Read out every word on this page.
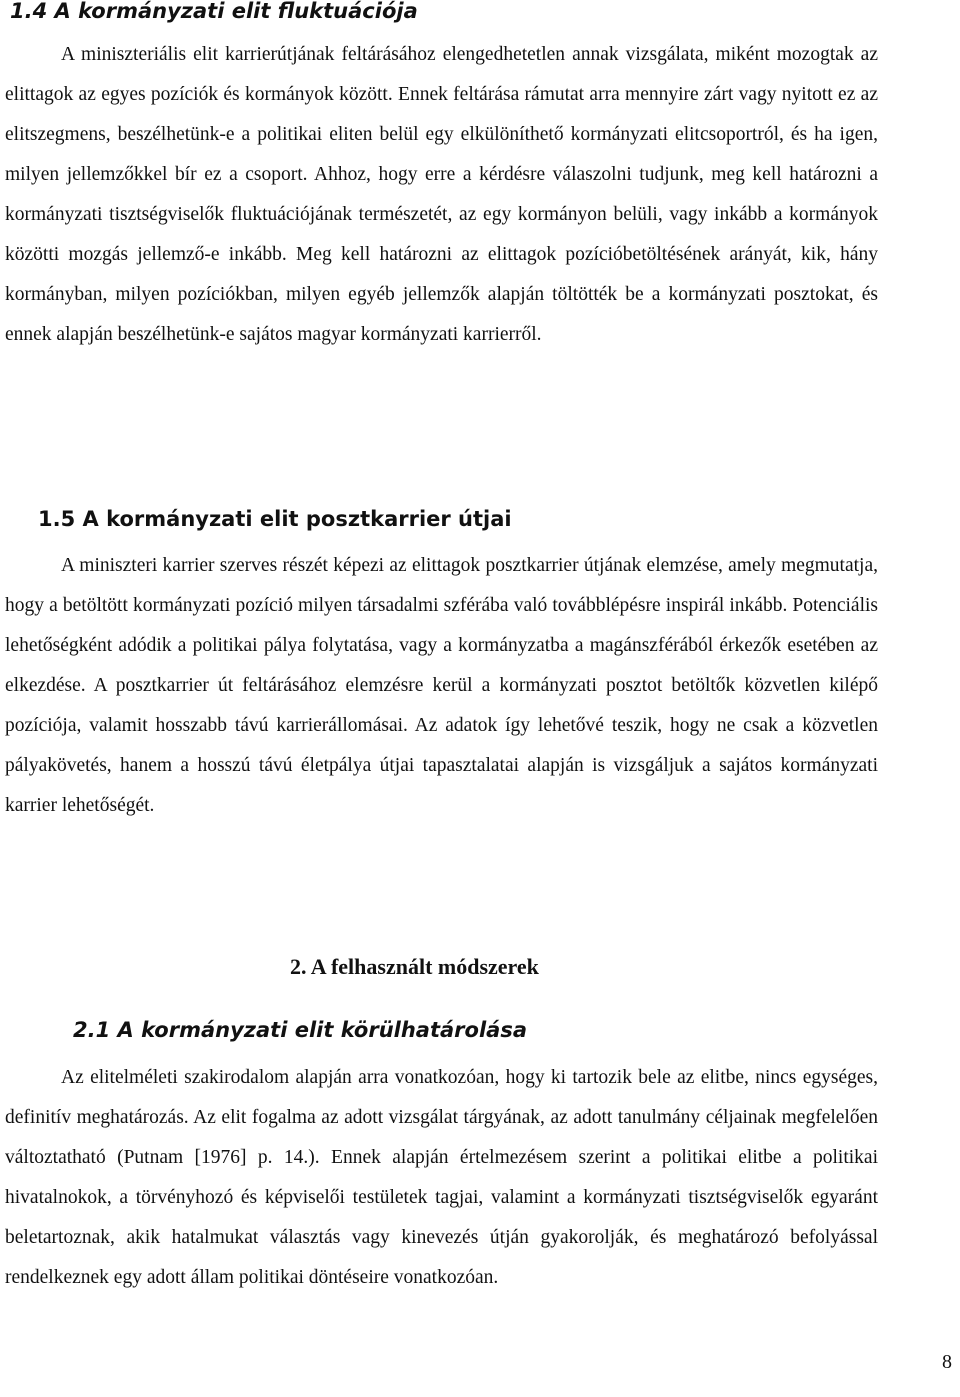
1.4 A kormányzati elit fluktuációja

A miniszteriális elit karrierútjának feltárásához elengedhetetlen annak vizsgálata, miként mozogtak az elittagok az egyes pozíciók és kormányok között. Ennek feltárása rámutat arra mennyire zárt vagy nyitott ez az elitszegmens, beszélhetünk-e a politikai eliten belül egy elkülöníthető kormányzati elitcsoportról, és ha igen, milyen jellemzőkkel bír ez a csoport. Ahhoz, hogy erre a kérdésre válaszolni tudjunk, meg kell határozni a kormányzati tisztségviselők fluktuációjának természetét, az egy kormányon belüli, vagy inkább a kormányok közötti mozgás jellemző-e inkább. Meg kell határozni az elittagok pozícióbetöltésének arányát, kik, hány kormányban, milyen pozíciókban, milyen egyéb jellemzők alapján töltötték be a kormányzati posztokat, és ennek alapján beszélhetünk-e sajátos magyar kormányzati karrierről.

1.5 A kormányzati elit posztkarrier útjai

A miniszteri karrier szerves részét képezi az elittagok posztkarrier útjának elemzése, amely megmutatja, hogy a betöltött kormányzati pozíció milyen társadalmi szférába való továbblépésre inspirál inkább. Potenciális lehetőségként adódik a politikai pálya folytatása, vagy a kormányzatba a magánszférából érkezők esetében az elkezdése. A posztkarrier út feltárásához elemzésre kerül a kormányzati posztot betöltők közvetlen kilépő pozíciója, valamit hosszabb távú karrierállomásai. Az adatok így lehetővé teszik, hogy ne csak a közvetlen pályakövetés, hanem a hosszú távú életpálya útjai tapasztalatai alapján is vizsgáljuk a sajátos kormányzati karrier lehetőségét.

2. A felhasznált módszerek
2.1 A kormányzati elit körülhatárolása

Az elitelméleti szakirodalom alapján arra vonatkozóan, hogy ki tartozik bele az elitbe, nincs egységes, definitív meghatározás. Az elit fogalma az adott vizsgálat tárgyának, az adott tanulmány céljainak megfelelően változtatható (Putnam [1976] p. 14.). Ennek alapján értelmezésem szerint a politikai elitbe a politikai hivatalnokok, a törvényhozó és képviselői testületek tagjai, valamint a kormányzati tisztségviselők egyaránt beletartoznak, akik hatalmukat választás vagy kinevezés útján gyakorolják, és meghatározó befolyással rendelkeznek egy adott állam politikai döntéseire vonatkozóan.

8
